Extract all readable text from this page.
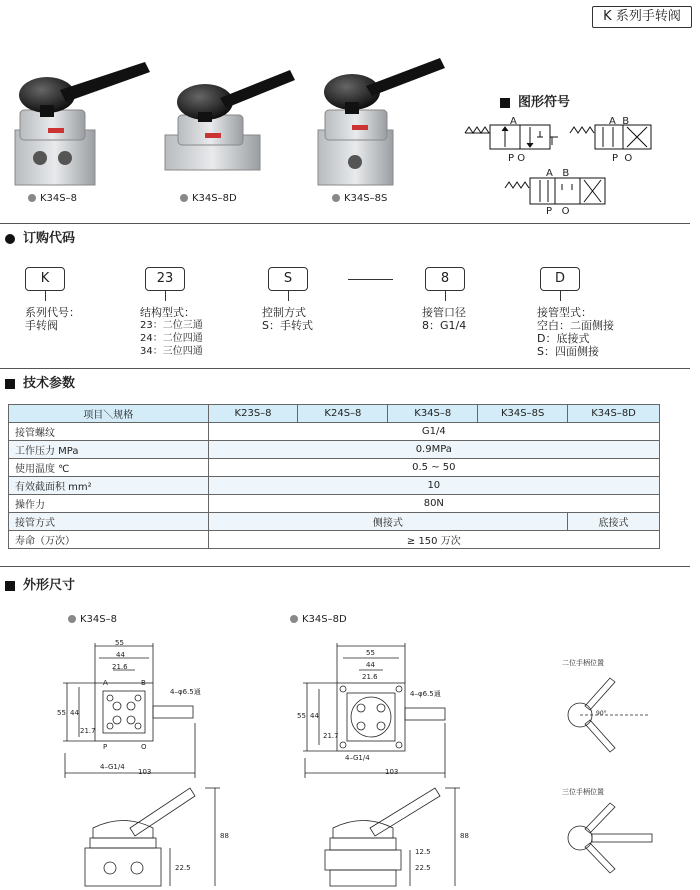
K 系列手转阀
K34S–8	K34S–8D	K34S–8S
图形符号
A
P O
A B
P O
A B
P O
订购代码
K	23	S	8	D
系列代号：
手转阀
结构型式：
23：二位三通
24：二位四通
34：三位四通
控制方式
S：手转式
接管口径
8：G1/4
接管型式：
空白：二面侧接
D：底接式
S：四面侧接
技术参数
项目＼规格	K23S–8	K24S–8	K34S–8	K34S–8S	K34S–8D
接管螺纹	G1/4				
工作压力 MPa	0.9MPa				
使用温度 ℃	0.5 ~ 50				
有效截面积 mm²	10				
操作力	80N				
接管方式	侧接式				底接式
寿命（万次）	≥ 150 万次				
外形尺寸
K34S–8	K34S–8D
55
44
21.6
55 44
21.7
4–φ6.5通
4–G1/4
103
88
22.5
A	B
P	O
55
44
21.6
55 44
21.7
4–φ6.5通
4–G1/4
103
88
22.5
12.5
二位手柄位置
90°
三位手柄位置
